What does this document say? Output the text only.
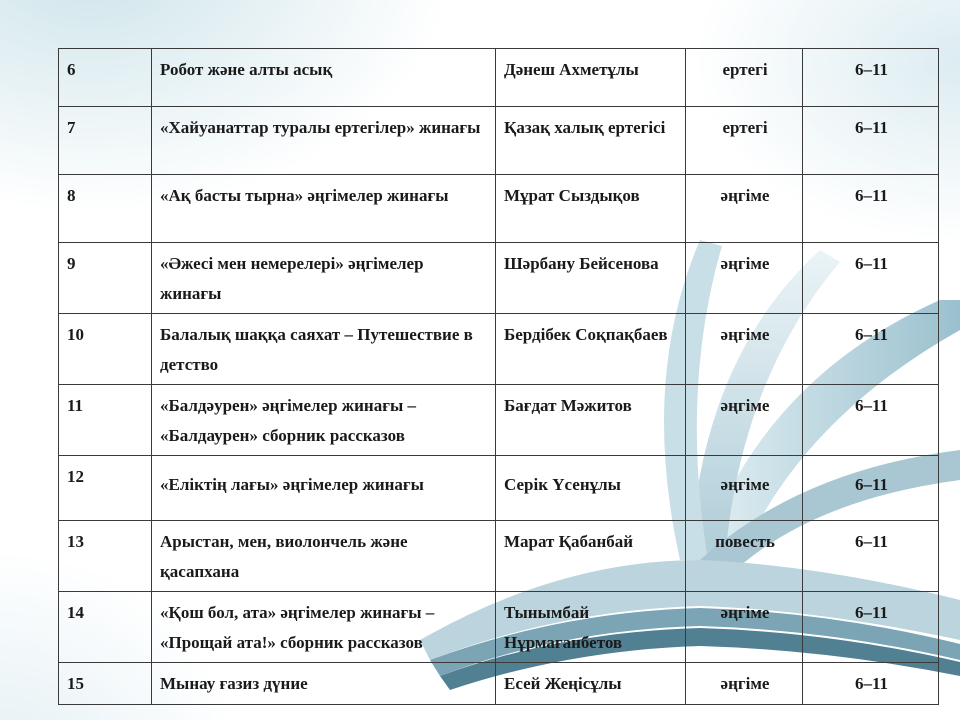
6	Робот және алты асық	Дәнеш Ахметұлы	ертегі	6–11
7	«Хайуанаттар туралы ертегілер» жинағы	Қазақ халық ертегісі	ертегі	6–11
8	«Ақ басты тырна» әңгімелер жинағы	Мұрат Сыздықов	әңгіме	6–11
9	«Әжесі мен немерелері» әңгімелер жинағы	Шәрбану Бейсенова	әңгіме	6–11
10	Балалық шаққа саяхат – Путешествие в детство	Бердібек Соқпақбаев	әңгіме	6–11
11	«Балдәурен» әңгімелер жинағы – «Балдаурен» сборник рассказов	Бағдат Мәжитов	әңгіме	6–11
12	«Еліктің лағы» әңгімелер жинағы	Серік Үсенұлы	әңгіме	6–11
13	Арыстан, мен, виолончель және қасапхана	Марат Қабанбай	повесть	6–11
14	«Қош бол, ата» әңгімелер жинағы – «Прощай ата!» сборник рассказов	Тынымбай Нұрмағанбетов	әңгіме	6–11
15	Мынау ғазиз дүние	Есей Жеңісұлы	әңгіме	6–11
